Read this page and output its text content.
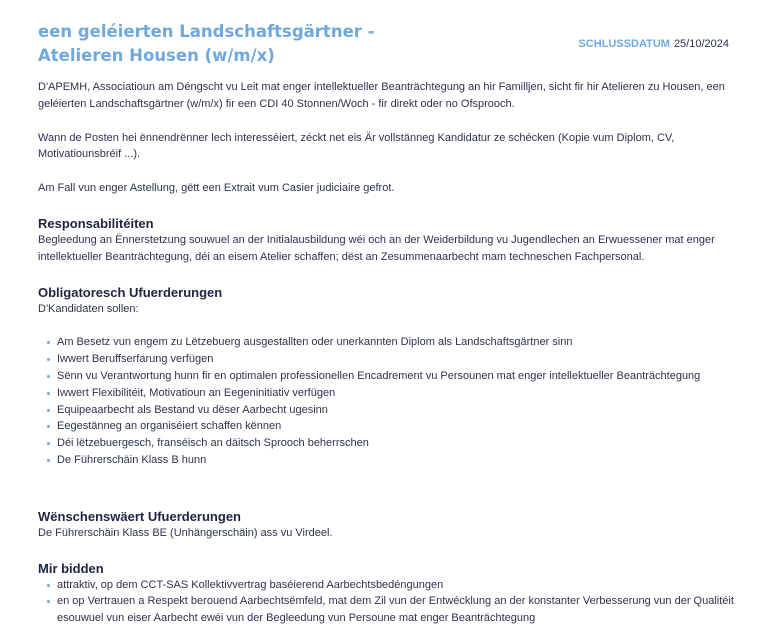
een geléierten Landschaftsgärtner -
Atelieren Housen (w/m/x)
SCHLUSSDATUM 25/10/2024

D'APEMH, Associatioun am Déngscht vu Leit mat enger intellektueller Beanträchtegung an hir Familljen, sicht fir hir Atelieren zu Housen, een geléierten Landschaftsgärtner (w/m/x) fir een CDI 40 Stonnen/Woch - fir direkt oder no Ofsprooch.

Wann de Posten hei ënnendrënner lech interesséiert, zéckt net eis Är vollstänneg Kandidatur ze schécken (Kopie vum Diplom, CV, Motivatiounsbréif ...).

Am Fall vun enger Astellung, gëtt een Extrait vum Casier judiciaire gefrot.

Responsabilitéiten

Begleedung an Ënnerstetzung souwuel an der Initialausbildung wéi och an der Weiderbildung vu Jugendlechen an Erwuessener mat enger intellektueller Beanträchtegung, déi an eisem Atelier schaffen; dëst an Zesummenaarbecht mam techneschen Fachpersonal.

Obligatoresch Ufuerderungen

D'Kandidaten sollen:

Am Besetz vun engem zu Lëtzebuerg ausgestallten oder unerkannten Diplom als Landschaftsgärtner sinn
Iwwert Beruffserfarung verfügen
Sënn vu Verantwortung hunn fir en optimalen professionellen Encadrement vu Persounen mat enger intellektueller Beanträchtegung
Iwwert Flexibilitéit, Motivatioun an Eegeninitiativ verfügen
Equipeaarbecht als Bestand vu dëser Aarbecht ugesinn
Eegestänneg an organiséiert schaffen kënnen
Déi lëtzebuergesch, franséisch an däitsch Sprooch beherrschen
De Führerschäin Klass B hunn
Wënschenswäert Ufuerderungen

De Führerschäin Klass BE (Unhängerschäin) ass vu Virdeel.

Mir bidden
attraktiv, op dem CCT-SAS Kollektivvertrag baséierend Aarbechtsbedéngungen
en op Vertrauen a Respekt berouend Aarbechtsëmfeld, mat dem Zil vun der Entwécklung an der konstanter Verbesserung vun der Qualitéit esouwuel vun eiser Aarbecht ewéi vun der Begleedung vun Persoune mat enger Beanträchtegung
